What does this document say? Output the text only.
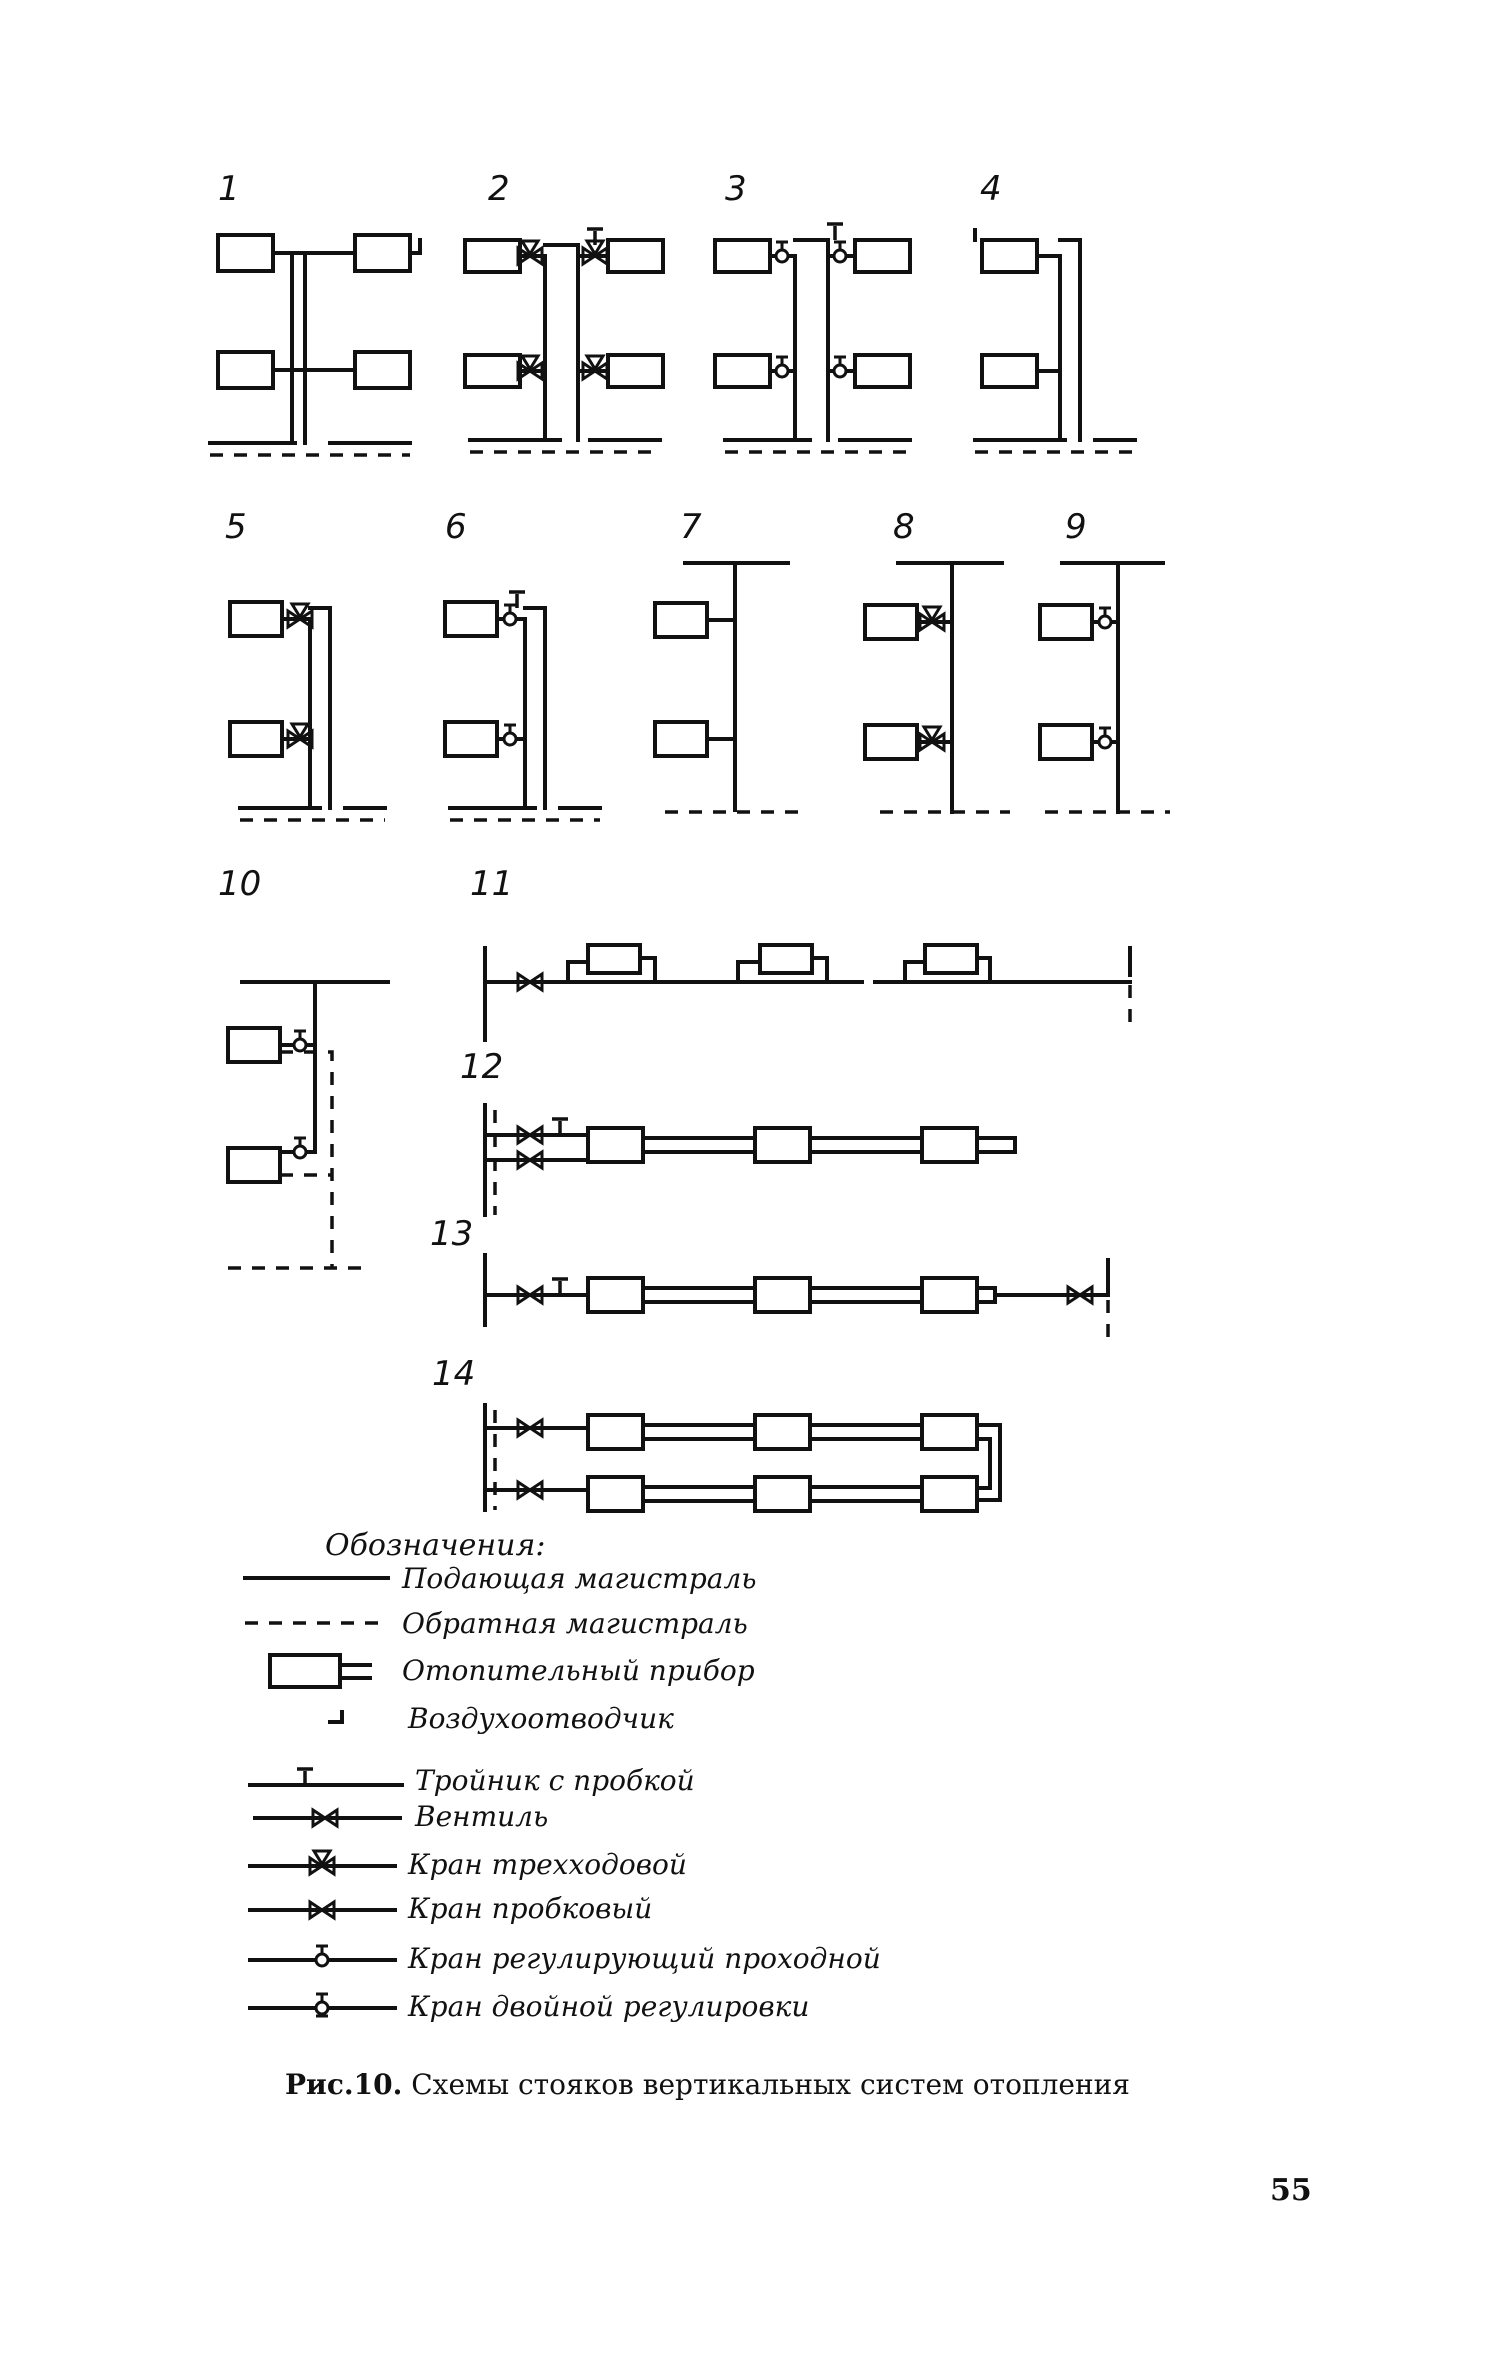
1	2	3	4
5	6	7	8	9
10	11
12
13
14
Обозначения:
Подающая магистраль
Обратная магистраль
Отопительный прибор
Воздухоотводчик
Тройник с пробкой
Вентиль
Кран трехходовой
Кран пробковый
Кран регулирующий проходной
Кран двойной регулировки
Рис.10. Схемы стояков вертикальных систем отопления
55
